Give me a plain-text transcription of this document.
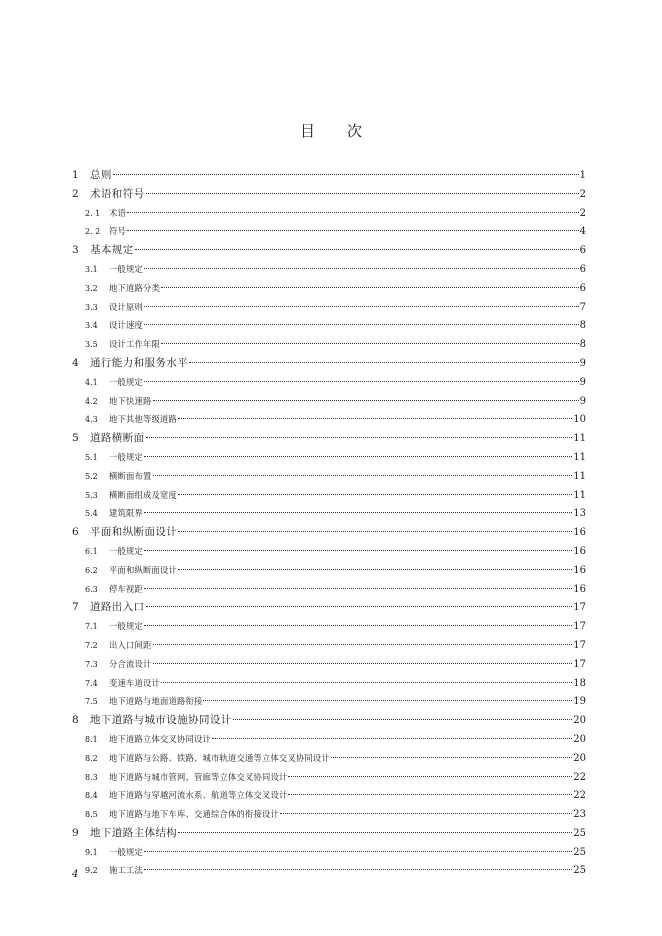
目 次
1	总则	1
2	术语和符号	2
2. 1	术语	2
2. 2	符号	4
3	基本规定	6
3.1	一般规定	6
3.2	地下道路分类	6
3.3	设计原则	7
3.4	设计速度	8
3.5	设计工作年限	8
4	通行能力和服务水平	9
4.1	一般规定	9
4.2	地下快速路	9
4.3	地下其他等级道路	10
5	道路横断面	11
5.1	一般规定	11
5.2	横断面布置	11
5.3	横断面组成及宽度	11
5.4	建筑限界	13
6	平面和纵断面设计	16
6.1	一般规定	16
6.2	平面和纵断面设计	16
6.3	停车视距	16
7	道路出入口	17
7.1	一般规定	17
7.2	出入口间距	17
7.3	分合流设计	17
7.4	变速车道设计	18
7.5	地下道路与地面道路衔接	19
8	地下道路与城市设施协同设计	20
8.1	地下道路立体交叉协同设计	20
8.2	地下道路与公路、铁路、城市轨道交通等立体交叉协同设计	20
8.3	地下道路与城市管网、管廊等立体交叉协同设计	22
8.4	地下道路与穿越河流水系、航道等立体交叉设计	22
8.5	地下道路与地下车库、交通综合体的衔接设计	23
9	地下道路主体结构	25
9.1	一般规定	25
9.2	施工工法	25
4
